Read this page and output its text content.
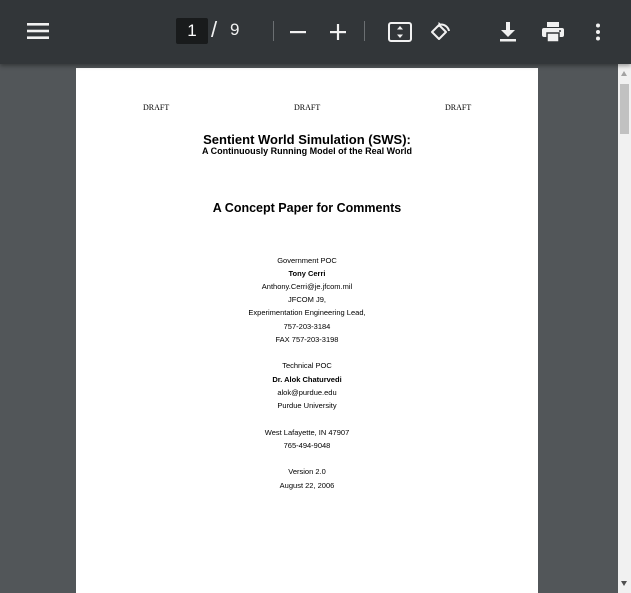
1
/ 9
DRAFT	DRAFT	DRAFT
Sentient World Simulation (SWS):
A Continuously Running Model of the Real World
A Concept Paper for Comments
Government POC
Tony Cerri
Anthony.Cerri@je.jfcom.mil
JFCOM J9,
Experimentation Engineering Lead,
757-203-3184
FAX 757-203-3198
Technical POC
Dr. Alok Chaturvedi
alok@purdue.edu
Purdue University
West Lafayette, IN 47907
765-494-9048
Version 2.0
August 22, 2006
